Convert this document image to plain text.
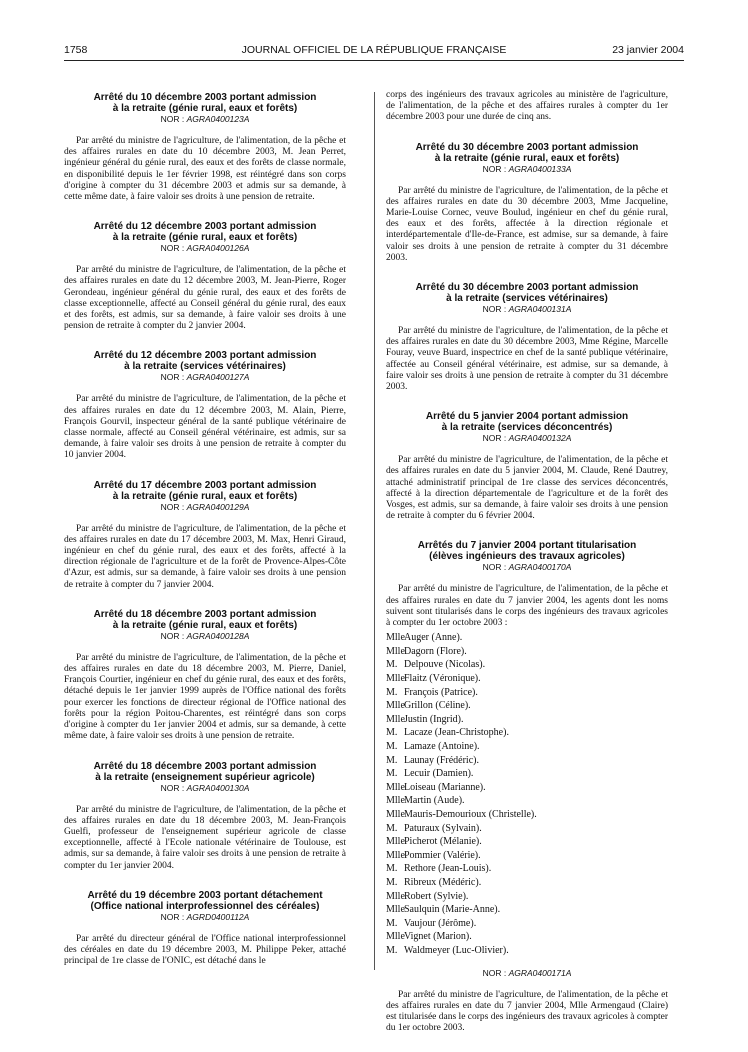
1758	JOURNAL OFFICIEL DE LA RÉPUBLIQUE FRANÇAISE	23 janvier 2004

Arrêté du 10 décembre 2003 portant admission

à la retraite (génie rural, eaux et forêts)

NOR : AGRA0400123A

Par arrêté du ministre de l'agriculture, de l'alimentation, de la pêche et des affaires rurales en date du 10 décembre 2003, M. Jean Perret, ingénieur général du génie rural, des eaux et des forêts de classe normale, en disponibilité depuis le 1er février 1998, est réintégré dans son corps d'origine à compter du 31 décembre 2003 et admis sur sa demande, à cette même date, à faire valoir ses droits à une pension de retraite.

Arrêté du 12 décembre 2003 portant admission

à la retraite (génie rural, eaux et forêts)

NOR : AGRA0400126A

Par arrêté du ministre de l'agriculture, de l'alimentation, de la pêche et des affaires rurales en date du 12 décembre 2003, M. Jean-Pierre, Roger Gerondeau, ingénieur général du génie rural, des eaux et des forêts de classe exceptionnelle, affecté au Conseil général du génie rural, des eaux et des forêts, est admis, sur sa demande, à faire valoir ses droits à une pension de retraite à compter du 2 janvier 2004.

Arrêté du 12 décembre 2003 portant admission

à la retraite (services vétérinaires)

NOR : AGRA0400127A

Par arrêté du ministre de l'agriculture, de l'alimentation, de la pêche et des affaires rurales en date du 12 décembre 2003, M. Alain, Pierre, François Gourvil, inspecteur général de la santé publique vétérinaire de classe normale, affecté au Conseil général vétérinaire, est admis, sur sa demande, à faire valoir ses droits à une pension de retraite à compter du 10 janvier 2004.

Arrêté du 17 décembre 2003 portant admission

à la retraite (génie rural, eaux et forêts)

NOR : AGRA0400129A

Par arrêté du ministre de l'agriculture, de l'alimentation, de la pêche et des affaires rurales en date du 17 décembre 2003, M. Max, Henri Giraud, ingénieur en chef du génie rural, des eaux et des forêts, affecté à la direction régionale de l'agriculture et de la forêt de Provence-Alpes-Côte d'Azur, est admis, sur sa demande, à faire valoir ses droits à une pension de retraite à compter du 7 janvier 2004.

Arrêté du 18 décembre 2003 portant admission

à la retraite (génie rural, eaux et forêts)

NOR : AGRA0400128A

Par arrêté du ministre de l'agriculture, de l'alimentation, de la pêche et des affaires rurales en date du 18 décembre 2003, M. Pierre, Daniel, François Courtier, ingénieur en chef du génie rural, des eaux et des forêts, détaché depuis le 1er janvier 1999 auprès de l'Office national des forêts pour exercer les fonctions de directeur régional de l'Office national des forêts pour la région Poitou-Charentes, est réintégré dans son corps d'origine à compter du 1er janvier 2004 et admis, sur sa demande, à cette même date, à faire valoir ses droits à une pension de retraite.

Arrêté du 18 décembre 2003 portant admission

à la retraite (enseignement supérieur agricole)

NOR : AGRA0400130A

Par arrêté du ministre de l'agriculture, de l'alimentation, de la pêche et des affaires rurales en date du 18 décembre 2003, M. Jean-François Guelfi, professeur de l'enseignement supérieur agricole de classe exceptionnelle, affecté à l'Ecole nationale vétérinaire de Toulouse, est admis, sur sa demande, à faire valoir ses droits à une pension de retraite à compter du 1er janvier 2004.

Arrêté du 19 décembre 2003 portant détachement

(Office national interprofessionnel des céréales)

NOR : AGRD0400112A

Par arrêté du directeur général de l'Office national interprofessionnel des céréales en date du 19 décembre 2003, M. Philippe Peker, attaché principal de 1re classe de l'ONIC, est détaché dans le

corps des ingénieurs des travaux agricoles au ministère de l'agriculture, de l'alimentation, de la pêche et des affaires rurales à compter du 1er décembre 2003 pour une durée de cinq ans.

Arrêté du 30 décembre 2003 portant admission

à la retraite (génie rural, eaux et forêts)

NOR : AGRA0400133A

Par arrêté du ministre de l'agriculture, de l'alimentation, de la pêche et des affaires rurales en date du 30 décembre 2003, Mme Jacqueline, Marie-Louise Cornec, veuve Boulud, ingénieur en chef du génie rural, des eaux et des forêts, affectée à la direction régionale et interdépartementale d'Ile-de-France, est admise, sur sa demande, à faire valoir ses droits à une pension de retraite à compter du 31 décembre 2003.

Arrêté du 30 décembre 2003 portant admission

à la retraite (services vétérinaires)

NOR : AGRA0400131A

Par arrêté du ministre de l'agriculture, de l'alimentation, de la pêche et des affaires rurales en date du 30 décembre 2003, Mme Régine, Marcelle Fouray, veuve Buard, inspectrice en chef de la santé publique vétérinaire, affectée au Conseil général vétérinaire, est admise, sur sa demande, à faire valoir ses droits à une pension de retraite à compter du 31 décembre 2003.

Arrêté du 5 janvier 2004 portant admission

à la retraite (services déconcentrés)

NOR : AGRA0400132A

Par arrêté du ministre de l'agriculture, de l'alimentation, de la pêche et des affaires rurales en date du 5 janvier 2004, M. Claude, René Dautrey, attaché administratif principal de 1re classe des services déconcentrés, affecté à la direction départementale de l'agriculture et de la forêt des Vosges, est admis, sur sa demande, à faire valoir ses droits à une pension de retraite à compter du 6 février 2004.

Arrêtés du 7 janvier 2004 portant titularisation

(élèves ingénieurs des travaux agricoles)

NOR : AGRA0400170A

Par arrêté du ministre de l'agriculture, de l'alimentation, de la pêche et des affaires rurales en date du 7 janvier 2004, les agents dont les noms suivent sont titularisés dans le corps des ingénieurs des travaux agricoles à compter du 1er octobre 2003 :

MlleAuger (Anne).
MlleDagorn (Flore).
M. Delpouve (Nicolas).
MlleFlaitz (Véronique).
M. François (Patrice).
MlleGrillon (Céline).
MlleJustin (Ingrid).
M. Lacaze (Jean-Christophe).
M. Lamaze (Antoine).
M. Launay (Frédéric).
M. Lecuir (Damien).
MlleLoiseau (Marianne).
MlleMartin (Aude).
MlleMauris-Demourioux (Christelle).
M. Paturaux (Sylvain).
MllePicherot (Mélanie).
MllePommier (Valérie).
M. Rethore (Jean-Louis).
M. Ribreux (Médéric).
MlleRobert (Sylvie).
MlleSaulquin (Marie-Anne).
M. Vaujour (Jérôme).
MlleVignet (Marion).
M. Waldmeyer (Luc-Olivier).

NOR : AGRA0400171A

Par arrêté du ministre de l'agriculture, de l'alimentation, de la pêche et des affaires rurales en date du 7 janvier 2004, Mlle Armengaud (Claire) est titularisée dans le corps des ingénieurs des travaux agricoles à compter du 1er octobre 2003.
